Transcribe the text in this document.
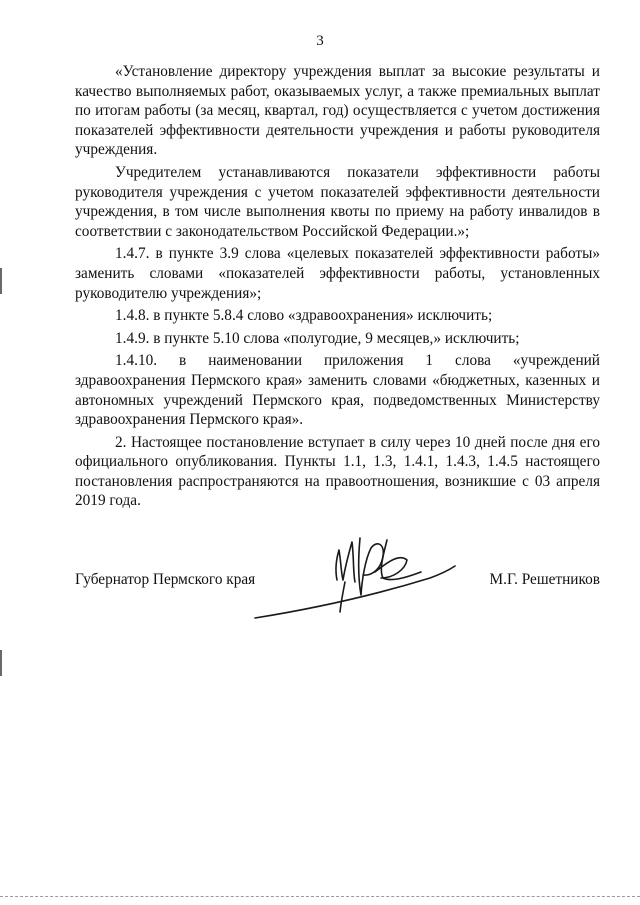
3

«Установление директору учреждения выплат за высокие результаты и качество выполняемых работ, оказываемых услуг, а также премиальных выплат по итогам работы (за месяц, квартал, год) осуществляется с учетом достижения показателей эффективности деятельности учреждения и работы руководителя учреждения.

Учредителем устанавливаются показатели эффективности работы руководителя учреждения с учетом показателей эффективности деятельности учреждения, в том числе выполнения квоты по приему на работу инвалидов в соответствии с законодательством Российской Федерации.»;

1.4.7. в пункте 3.9 слова «целевых показателей эффективности работы» заменить словами «показателей эффективности работы, установленных руководителю учреждения»;

1.4.8. в пункте 5.8.4 слово «здравоохранения» исключить;

1.4.9. в пункте 5.10 слова «полугодие, 9 месяцев,» исключить;

1.4.10. в наименовании приложения 1 слова «учреждений здравоохранения Пермского края» заменить словами «бюджетных, казенных и автономных учреждений Пермского края, подведомственных Министерству здравоохранения Пермского края».

2. Настоящее постановление вступает в силу через 10 дней после дня его официального опубликования. Пункты 1.1, 1.3, 1.4.1, 1.4.3, 1.4.5 настоящего постановления распространяются на правоотношения, возникшие с 03 апреля 2019 года.

Губернатор Пермского края	М.Г. Решетников
